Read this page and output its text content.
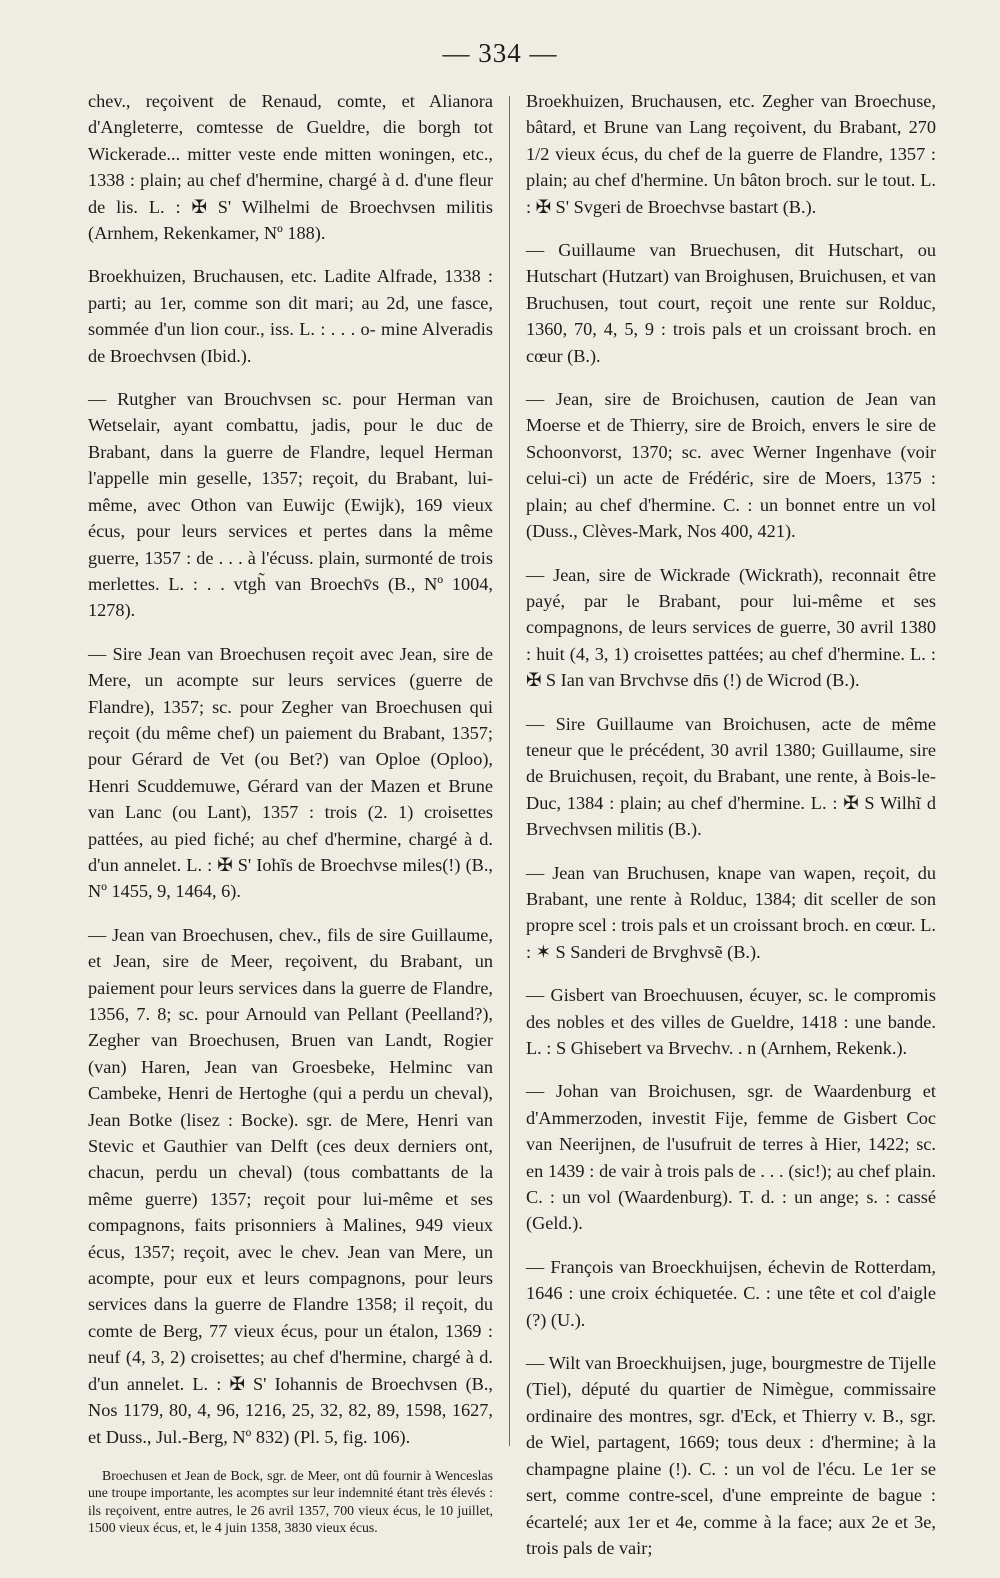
— 334 —

chev., reçoivent de Renaud, comte, et Alianora d'Angleterre, comtesse de Gueldre, die borgh tot Wickerade... mitter veste ende mitten woningen, etc., 1338 : plain; au chef d'hermine, chargé à d. d'une fleur de lis. L. : ✠ S' Wilhelmi de Broechvsen militis (Arnhem, Rekenkamer, Nº 188).

Broekhuizen, Bruchausen, etc. Ladite Alfrade, 1338 : parti; au 1er, comme son dit mari; au 2d, une fasce, sommée d'un lion cour., iss. L. : . . . o- mine Alveradis de Broechvsen (Ibid.).

— Rutgher van Brouchvsen sc. pour Herman van Wetselair, ayant combattu, jadis, pour le duc de Brabant, dans la guerre de Flandre, lequel Herman l'appelle min geselle, 1357; reçoit, du Brabant, lui-même, avec Othon van Euwijc (Ewijk), 169 vieux écus, pour leurs services et pertes dans la même guerre, 1357 : de . . . à l'écuss. plain, surmonté de trois merlettes. L. : . . vtgh̃ van Broechv̄s (B., Nº 1004, 1278).

— Sire Jean van Broechusen reçoit avec Jean, sire de Mere, un acompte sur leurs services (guerre de Flandre), 1357; sc. pour Zegher van Broechusen qui reçoit (du même chef) un paiement du Brabant, 1357; pour Gérard de Vet (ou Bet?) van Oploe (Oploo), Henri Scuddemuwe, Gérard van der Mazen et Brune van Lanc (ou Lant), 1357 : trois (2. 1) croisettes pattées, au pied fiché; au chef d'hermine, chargé à d. d'un annelet. L. : ✠ S' Iohĩs de Broechvse miles(!) (B., Nº 1455, 9, 1464, 6).

— Jean van Broechusen, chev., fils de sire Guillaume, et Jean, sire de Meer, reçoivent, du Brabant, un paiement pour leurs services dans la guerre de Flandre, 1356, 7. 8; sc. pour Arnould van Pellant (Peelland?), Zegher van Broechusen, Bruen van Landt, Rogier (van) Haren, Jean van Groesbeke, Helminc van Cambeke, Henri de Hertoghe (qui a perdu un cheval), Jean Botke (lisez : Bocke). sgr. de Mere, Henri van Stevic et Gauthier van Delft (ces deux derniers ont, chacun, perdu un cheval) (tous combattants de la même guerre) 1357; reçoit pour lui-même et ses compagnons, faits prisonniers à Malines, 949 vieux écus, 1357; reçoit, avec le chev. Jean van Mere, un acompte, pour eux et leurs compagnons, pour leurs services dans la guerre de Flandre 1358; il reçoit, du comte de Berg, 77 vieux écus, pour un étalon, 1369 : neuf (4, 3, 2) croisettes; au chef d'hermine, chargé à d. d'un annelet. L. : ✠ S' Iohannis de Broechvsen (B., Nos 1179, 80, 4, 96, 1216, 25, 32, 82, 89, 1598, 1627, et Duss., Jul.-Berg, Nº 832) (Pl. 5, fig. 106).

Broechusen et Jean de Bock, sgr. de Meer, ont dû fournir à Wenceslas une troupe importante, les acomptes sur leur indemnité étant très élevés : ils reçoivent, entre autres, le 26 avril 1357, 700 vieux écus, le 10 juillet, 1500 vieux écus, et, le 4 juin 1358, 3830 vieux écus.

Broekhuizen, Bruchausen, etc. Zegher van Broechuse, bâtard, et Brune van Lang reçoivent, du Brabant, 270 1/2 vieux écus, du chef de la guerre de Flandre, 1357 : plain; au chef d'hermine. Un bâton broch. sur le tout. L. : ✠ S' Svgeri de Broechvse bastart (B.).

— Guillaume van Bruechusen, dit Hutschart, ou Hutschart (Hutzart) van Broighusen, Bruichusen, et van Bruchusen, tout court, reçoit une rente sur Rolduc, 1360, 70, 4, 5, 9 : trois pals et un croissant broch. en cœur (B.).

— Jean, sire de Broichusen, caution de Jean van Moerse et de Thierry, sire de Broich, envers le sire de Schoonvorst, 1370; sc. avec Werner Ingenhave (voir celui-ci) un acte de Frédéric, sire de Moers, 1375 : plain; au chef d'hermine. C. : un bonnet entre un vol (Duss., Clèves-Mark, Nos 400, 421).

— Jean, sire de Wickrade (Wickrath), reconnait être payé, par le Brabant, pour lui-même et ses compagnons, de leurs services de guerre, 30 avril 1380 : huit (4, 3, 1) croisettes pattées; au chef d'hermine. L. : ✠ S Ian van Brvchvse dn̄s (!) de Wicrod (B.).

— Sire Guillaume van Broichusen, acte de même teneur que le précédent, 30 avril 1380; Guillaume, sire de Bruichusen, reçoit, du Brabant, une rente, à Bois-le-Duc, 1384 : plain; au chef d'hermine. L. : ✠ S Wilhĩ d Brvechvsen militis (B.).

— Jean van Bruchusen, knape van wapen, reçoit, du Brabant, une rente à Rolduc, 1384; dit sceller de son propre scel : trois pals et un croissant broch. en cœur. L. : ✶ S Sanderi de Brvghvsẽ (B.).

— Gisbert van Broechuusen, écuyer, sc. le compromis des nobles et des villes de Gueldre, 1418 : une bande. L. : S Ghisebert va Brvechv. . n (Arnhem, Rekenk.).

— Johan van Broichusen, sgr. de Waardenburg et d'Ammerzoden, investit Fije, femme de Gisbert Coc van Neerijnen, de l'usufruit de terres à Hier, 1422; sc. en 1439 : de vair à trois pals de . . . (sic!); au chef plain. C. : un vol (Waardenburg). T. d. : un ange; s. : cassé (Geld.).

— François van Broeckhuijsen, échevin de Rotterdam, 1646 : une croix échiquetée. C. : une tête et col d'aigle (?) (U.).

— Wilt van Broeckhuijsen, juge, bourgmestre de Tijelle (Tiel), député du quartier de Nimègue, commissaire ordinaire des montres, sgr. d'Eck, et Thierry v. B., sgr. de Wiel, partagent, 1669; tous deux : d'hermine; à la champagne plaine (!). C. : un vol de l'écu. Le 1er se sert, comme contre-scel, d'une empreinte de bague : écartelé; aux 1er et 4e, comme à la face; aux 2e et 3e, trois pals de vair;
